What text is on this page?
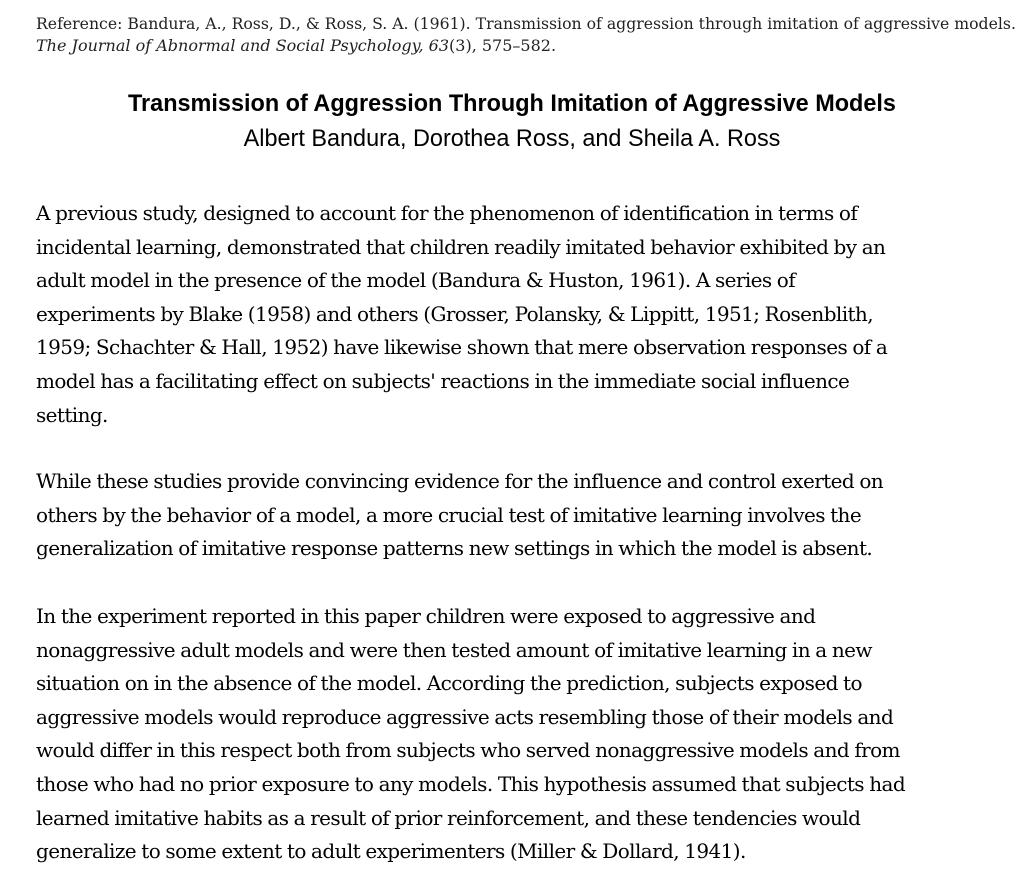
Reference: Bandura, A., Ross, D., & Ross, S. A. (1961). Transmission of aggression through imitation of aggressive models.
The Journal of Abnormal and Social Psychology, 63(3), 575–582.
Transmission of Aggression Through Imitation of Aggressive Models
Albert Bandura, Dorothea Ross, and Sheila A. Ross
A previous study, designed to account for the phenomenon of identification in terms of
incidental learning, demonstrated that children readily imitated behavior exhibited by an
adult model in the presence of the model (Bandura & Huston, 1961). A series of
experiments by Blake (1958) and others (Grosser, Polansky, & Lippitt, 1951; Rosenblith,
1959; Schachter & Hall, 1952) have likewise shown that mere observation responses of a
model has a facilitating effect on subjects' reactions in the immediate social influence
setting.
While these studies provide convincing evidence for the influence and control exerted on
others by the behavior of a model, a more crucial test of imitative learning involves the
generalization of imitative response patterns new settings in which the model is absent.
In the experiment reported in this paper children were exposed to aggressive and
nonaggressive adult models and were then tested amount of imitative learning in a new
situation on in the absence of the model. According the prediction, subjects exposed to
aggressive models would reproduce aggressive acts resembling those of their models and
would differ in this respect both from subjects who served nonaggressive models and from
those who had no prior exposure to any models. This hypothesis assumed that subjects had
learned imitative habits as a result of prior reinforcement, and these tendencies would
generalize to some extent to adult experimenters (Miller & Dollard, 1941).
